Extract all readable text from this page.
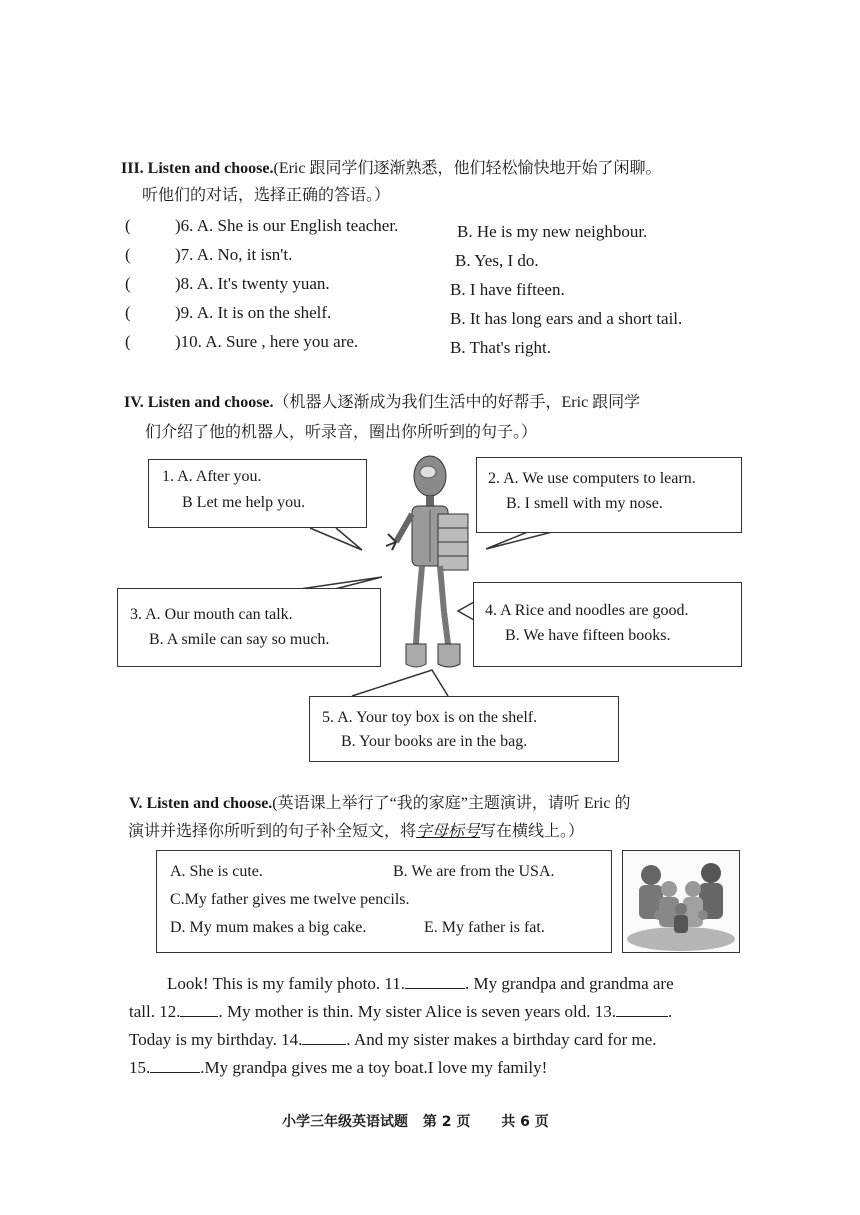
III. Listen and choose.(Eric 跟同学们逐渐熟悉，他们轻松愉快地开始了闲聊。
听他们的对话，选择正确的答语。）
(	)6. A. She is our English teacher.	B. He is my new neighbour.
(	)7. A. No, it isn't.	B. Yes, I do.
(	)8. A. It's twenty yuan.	B. I have fifteen.
(	)9. A. It is on the shelf.	B. It has long ears and a short tail.
(	)10. A. Sure , here you are.	B. That's right.
IV. Listen and choose.（机器人逐渐成为我们生活中的好帮手，Eric 跟同学
们介绍了他的机器人，听录音，圈出你所听到的句子。）
1. A. After you.
B Let me help you.
2. A. We use computers to learn.
B. I smell with my nose.
3. A. Our mouth can talk.
B. A smile can say so much.
4. A Rice and noodles are good.
B. We have fifteen books.
5. A. Your toy box is on the shelf.
B. Your books are in the bag.
V. Listen and choose.(英语课上举行了“我的家庭”主题演讲，请听 Eric 的
演讲并选择你所听到的句子补全短文，将字母标号写在横线上。）
A. She is cute.	B. We are from the USA.
C.My father gives me twelve pencils.
D. My mum makes a big cake.	E. My father is fat.
Look! This is my family photo. 11.	. My grandpa and grandma are
tall. 12. . My mother is thin. My sister Alice is seven years old. 13.	.
Today is my birthday. 14.	. And my sister makes a birthday card for me.
15.	.My grandpa gives me a toy boat.I love my family!
小学三年级英语试题 第 2 页 共 6 页
